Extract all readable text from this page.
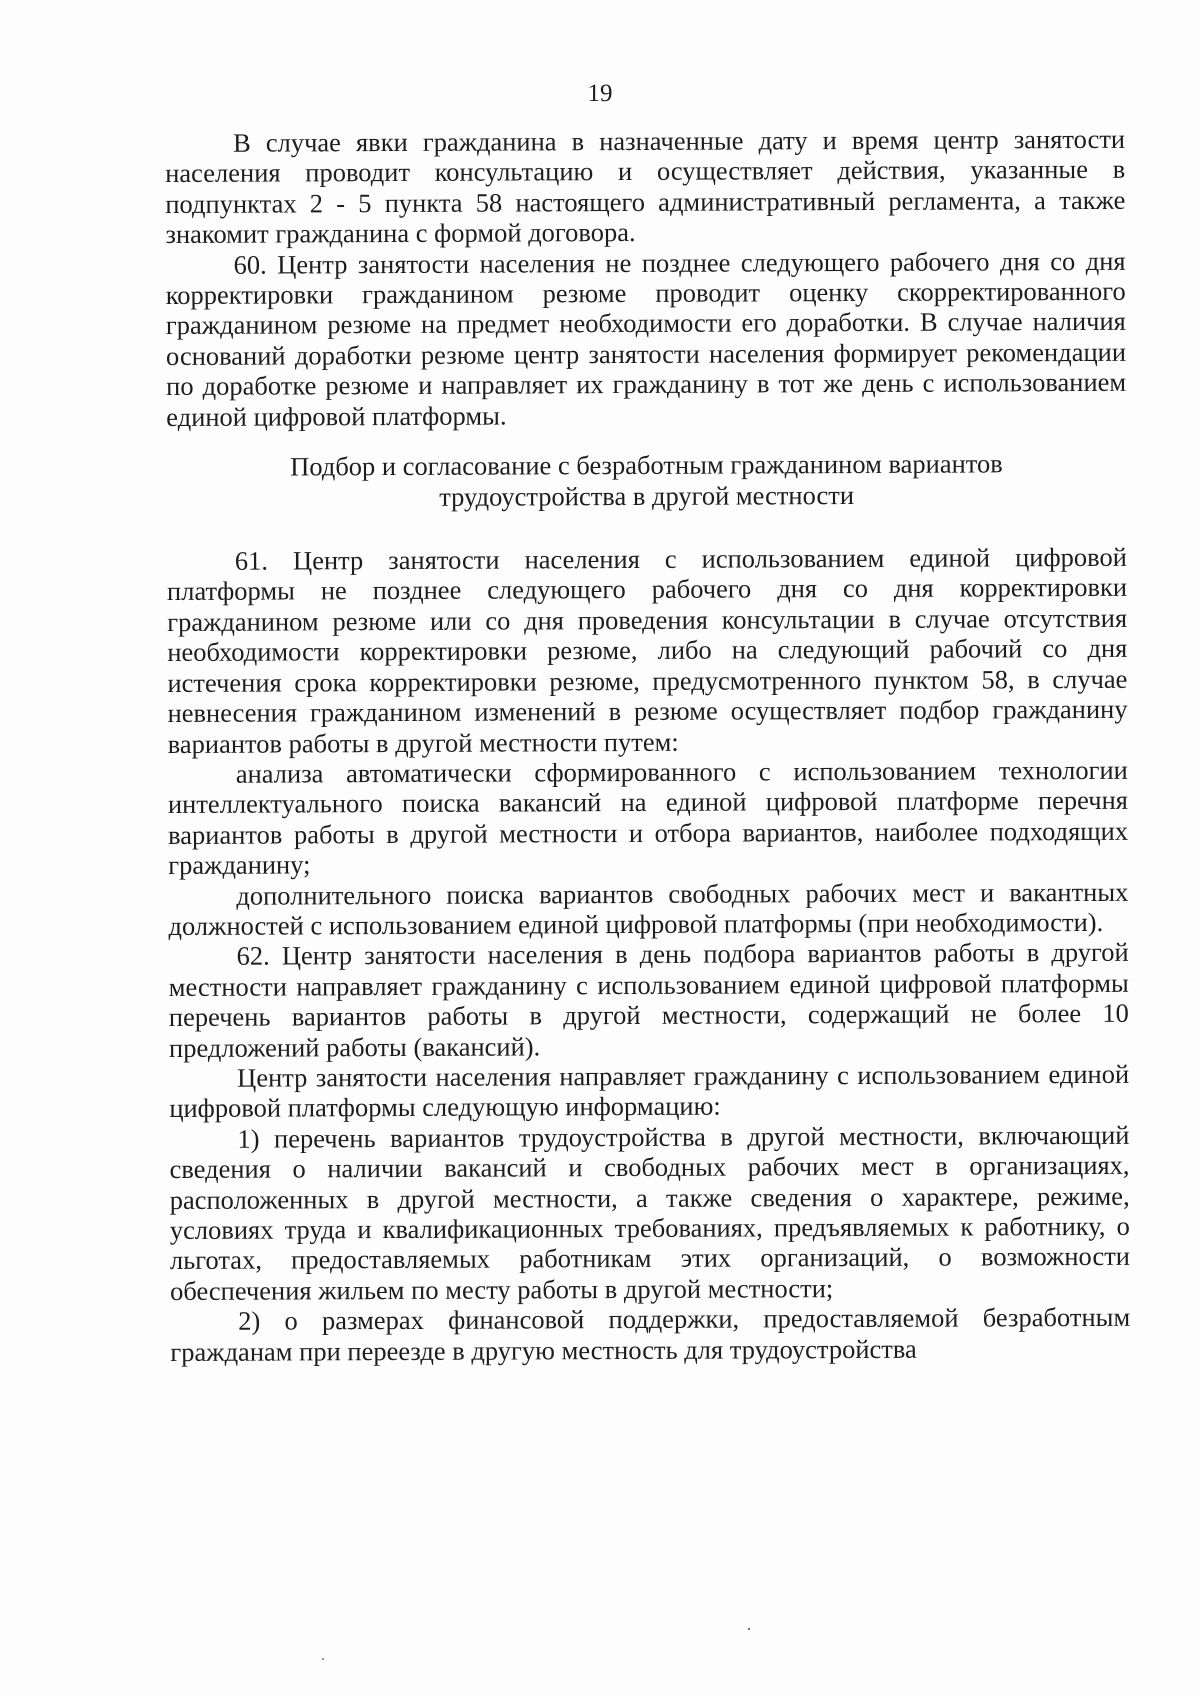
19

В случае явки гражданина в назначенные дату и время центр занятости населения проводит консультацию и осуществляет действия, указанные в подпунктах 2 - 5 пункта 58 настоящего административный регламента, а также знакомит гражданина с формой договора.

60. Центр занятости населения не позднее следующего рабочего дня со дня корректировки гражданином резюме проводит оценку скорректированного гражданином резюме на предмет необходимости его доработки. В случае наличия оснований доработки резюме центр занятости населения формирует рекомендации по доработке резюме и направляет их гражданину в тот же день с использованием единой цифровой платформы.

Подбор и согласование с безработным гражданином вариантов
трудоустройства в другой местности

61. Центр занятости населения с использованием единой цифровой платформы не позднее следующего рабочего дня со дня корректировки гражданином резюме или со дня проведения консультации в случае отсутствия необходимости корректировки резюме, либо на следующий рабочий со дня истечения срока корректировки резюме, предусмотренного пунктом 58, в случае невнесения гражданином изменений в резюме осуществляет подбор гражданину вариантов работы в другой местности путем:

анализа автоматически сформированного с использованием технологии интеллектуального поиска вакансий на единой цифровой платформе перечня вариантов работы в другой местности и отбора вариантов, наиболее подходящих гражданину;

дополнительного поиска вариантов свободных рабочих мест и вакантных должностей с использованием единой цифровой платформы (при необходимости).

62. Центр занятости населения в день подбора вариантов работы в другой местности направляет гражданину с использованием единой цифровой платформы перечень вариантов работы в другой местности, содержащий не более 10 предложений работы (вакансий).

Центр занятости населения направляет гражданину с использованием единой цифровой платформы следующую информацию:

1) перечень вариантов трудоустройства в другой местности, включающий сведения о наличии вакансий и свободных рабочих мест в организациях, расположенных в другой местности, а также сведения о характере, режиме, условиях труда и квалификационных требованиях, предъявляемых к работнику, о льготах, предоставляемых работникам этих организаций, о возможности обеспечения жильем по месту работы в другой местности;

2) о размерах финансовой поддержки, предоставляемой безработным гражданам при переезде в другую местность для трудоустройства
